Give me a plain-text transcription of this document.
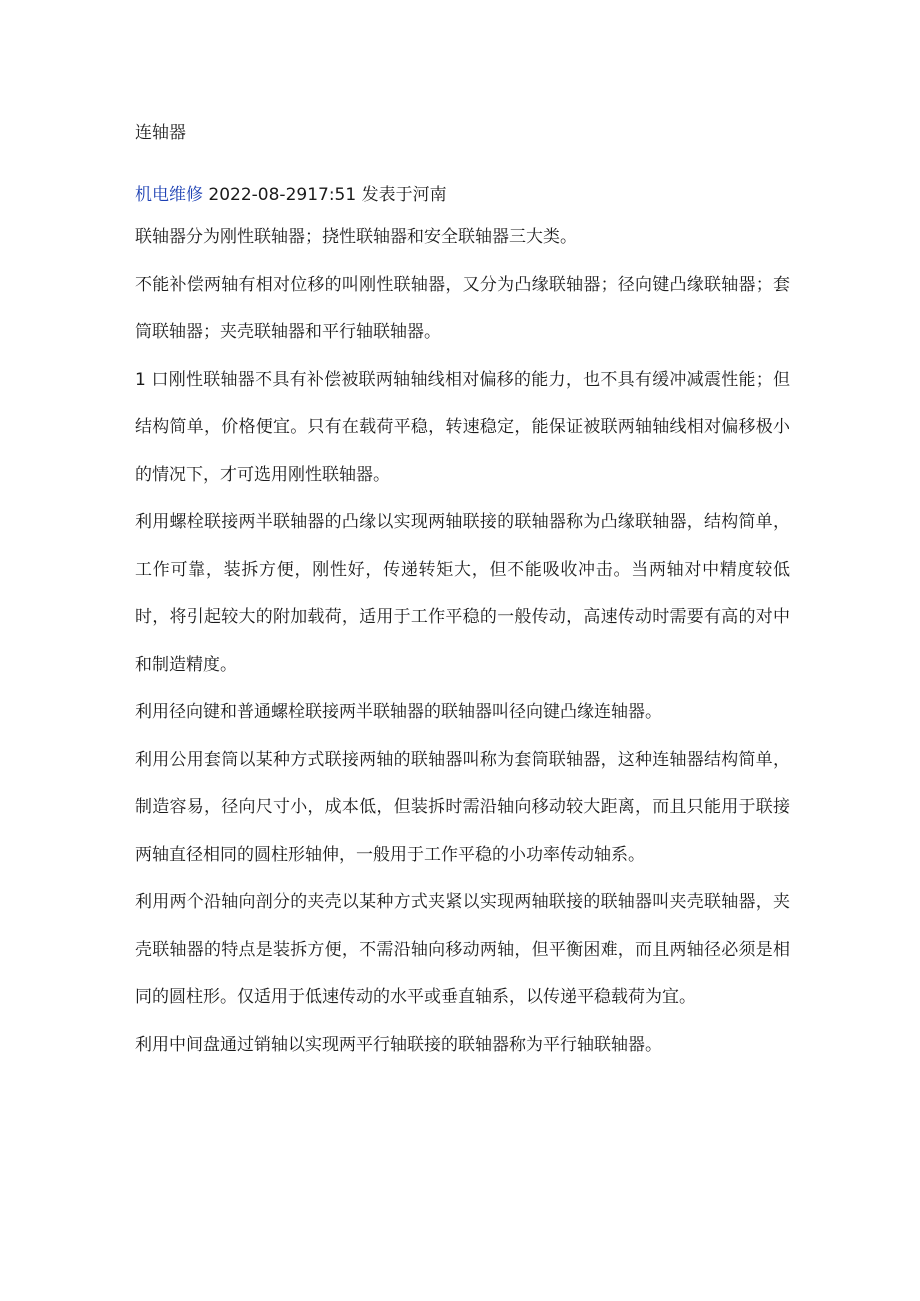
连轴器
机电维修 2022-08-2917:51 发表于河南

联轴器分为刚性联轴器；挠性联轴器和安全联轴器三大类。

不能补偿两轴有相对位移的叫刚性联轴器，又分为凸缘联轴器；径向键凸缘联轴器；套筒联轴器；夹壳联轴器和平行轴联轴器。

1 口刚性联轴器不具有补偿被联两轴轴线相对偏移的能力，也不具有缓冲减震性能；但结构简单，价格便宜。只有在载荷平稳，转速稳定，能保证被联两轴轴线相对偏移极小的情况下，才可选用刚性联轴器。

利用螺栓联接两半联轴器的凸缘以实现两轴联接的联轴器称为凸缘联轴器，结构简单，工作可靠，装拆方便，刚性好，传递转矩大，但不能吸收冲击。当两轴对中精度较低时，将引起较大的附加载荷，适用于工作平稳的一般传动，高速传动时需要有高的对中和制造精度。

利用径向键和普通螺栓联接两半联轴器的联轴器叫径向键凸缘连轴器。

利用公用套筒以某种方式联接两轴的联轴器叫称为套筒联轴器，这种连轴器结构简单，制造容易，径向尺寸小，成本低，但装拆时需沿轴向移动较大距离，而且只能用于联接两轴直径相同的圆柱形轴伸，一般用于工作平稳的小功率传动轴系。

利用两个沿轴向剖分的夹壳以某种方式夹紧以实现两轴联接的联轴器叫夹壳联轴器，夹壳联轴器的特点是装拆方便，不需沿轴向移动两轴，但平衡困难，而且两轴径必须是相同的圆柱形。仅适用于低速传动的水平或垂直轴系，以传递平稳载荷为宜。

利用中间盘通过销轴以实现两平行轴联接的联轴器称为平行轴联轴器。
